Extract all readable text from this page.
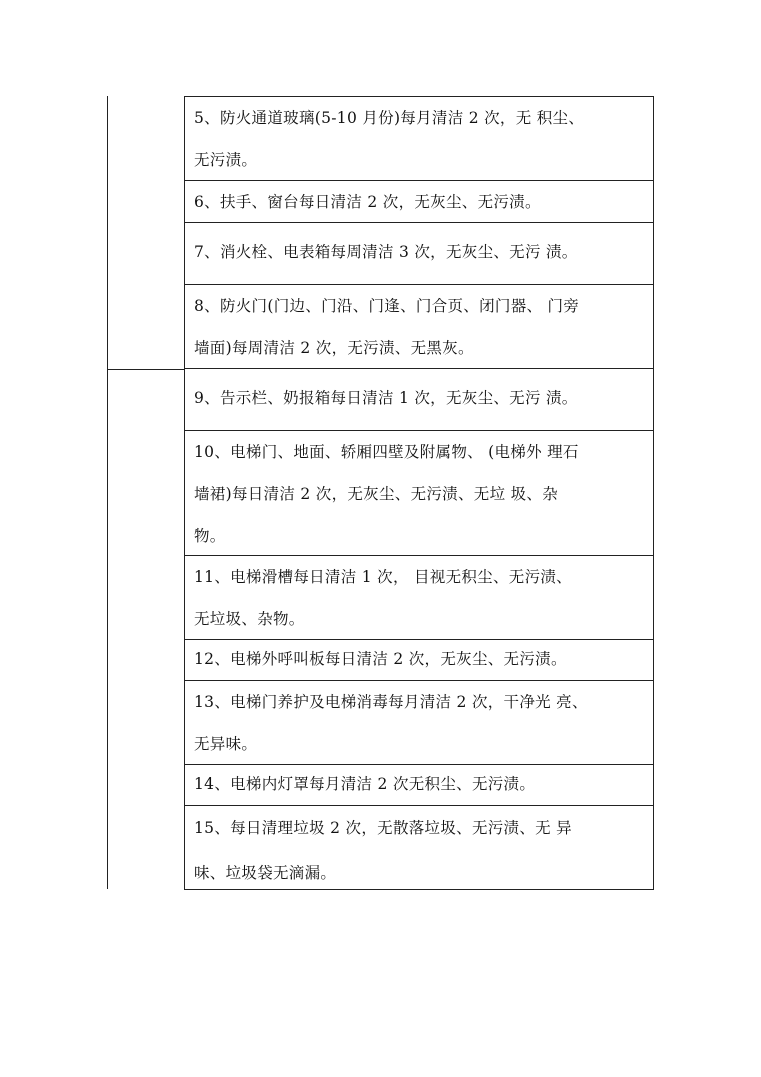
5、防火通道玻璃(5-10 月份)每月清洁 2 次，无 积尘、
无污渍。
6、扶手、窗台每日清洁 2 次，无灰尘、无污渍。
7、消火栓、电表箱每周清洁 3 次，无灰尘、无污 渍。
8、防火门(门边、门沿、门逢、门合页、闭门器、 门旁
墙面)每周清洁 2 次，无污渍、无黑灰。
9、告示栏、奶报箱每日清洁 1 次，无灰尘、无污 渍。
10、电梯门、地面、轿厢四壁及附属物、 (电梯外 理石
墙裙)每日清洁 2 次，无灰尘、无污渍、无垃 圾、杂
物。
11、电梯滑槽每日清洁 1 次， 目视无积尘、无污渍、
无垃圾、杂物。
12、电梯外呼叫板每日清洁 2 次，无灰尘、无污渍。
13、电梯门养护及电梯消毒每月清洁 2 次，干净光 亮、
无异味。
14、电梯内灯罩每月清洁 2 次无积尘、无污渍。
15、每日清理垃圾 2 次，无散落垃圾、无污渍、无 异
味、垃圾袋无滴漏。
